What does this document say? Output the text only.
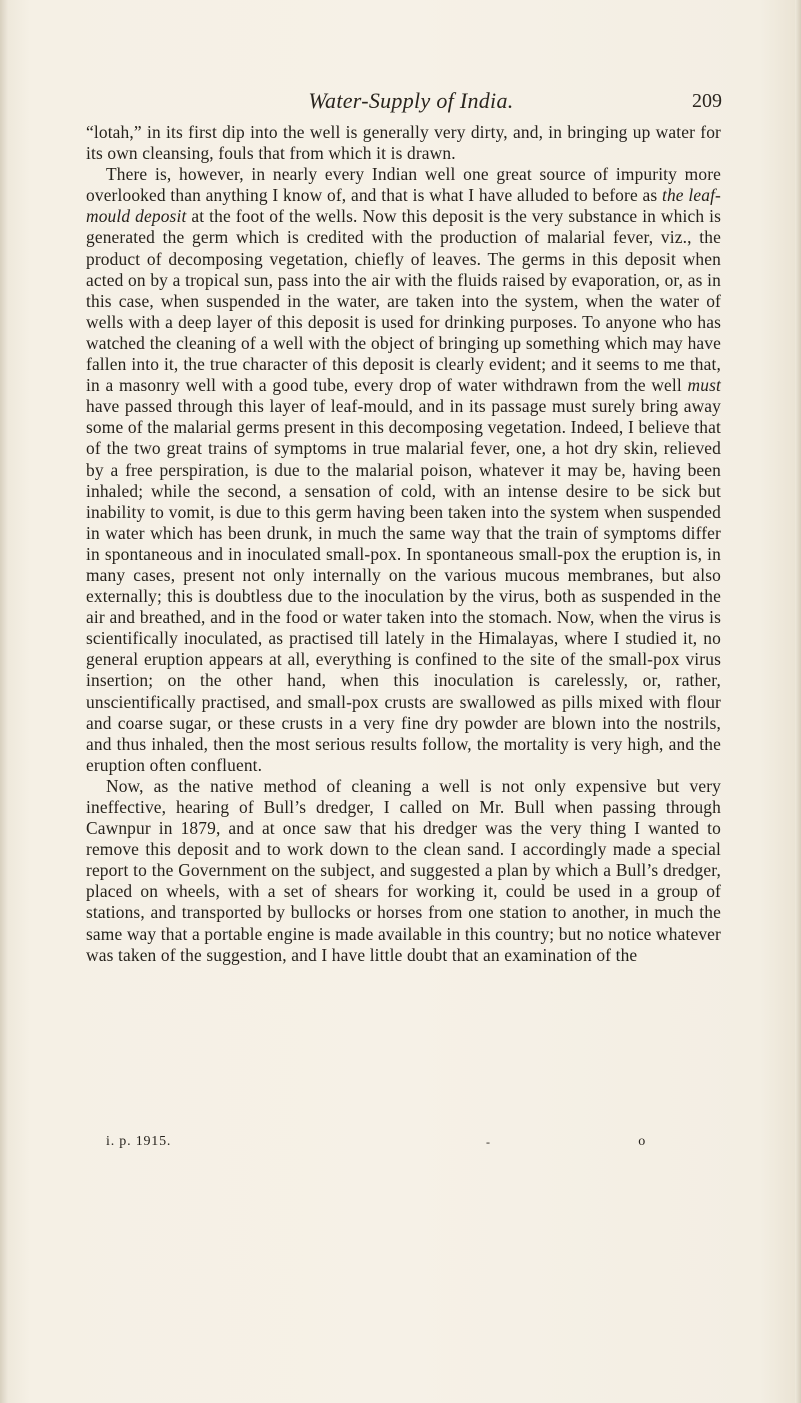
Water-Supply of India.	209

“lotah,” in its first dip into the well is generally very dirty, and, in bringing up water for its own cleansing, fouls that from which it is drawn.

There is, however, in nearly every Indian well one great source of impurity more overlooked than anything I know of, and that is what I have alluded to before as the leaf-mould deposit at the foot of the wells. Now this deposit is the very substance in which is generated the germ which is credited with the production of malarial fever, viz., the product of decomposing vegetation, chiefly of leaves. The germs in this deposit when acted on by a tropical sun, pass into the air with the fluids raised by evaporation, or, as in this case, when suspended in the water, are taken into the system, when the water of wells with a deep layer of this deposit is used for drinking purposes. To anyone who has watched the cleaning of a well with the object of bringing up something which may have fallen into it, the true character of this deposit is clearly evident; and it seems to me that, in a masonry well with a good tube, every drop of water withdrawn from the well must have passed through this layer of leaf-mould, and in its passage must surely bring away some of the malarial germs present in this decomposing vegetation. Indeed, I believe that of the two great trains of symptoms in true malarial fever, one, a hot dry skin, relieved by a free perspiration, is due to the malarial poison, whatever it may be, having been inhaled; while the second, a sensation of cold, with an intense desire to be sick but inability to vomit, is due to this germ having been taken into the system when suspended in water which has been drunk, in much the same way that the train of symptoms differ in spontaneous and in inoculated small-pox. In spontaneous small-pox the eruption is, in many cases, present not only internally on the various mucous membranes, but also externally; this is doubtless due to the inoculation by the virus, both as suspended in the air and breathed, and in the food or water taken into the stomach. Now, when the virus is scientifically inoculated, as practised till lately in the Himalayas, where I studied it, no general eruption appears at all, everything is confined to the site of the small-pox virus insertion; on the other hand, when this inoculation is carelessly, or, rather, unscientifically practised, and small-pox crusts are swallowed as pills mixed with flour and coarse sugar, or these crusts in a very fine dry powder are blown into the nostrils, and thus inhaled, then the most serious results follow, the mortality is very high, and the eruption often confluent.

Now, as the native method of cleaning a well is not only expensive but very ineffective, hearing of Bull’s dredger, I called on Mr. Bull when passing through Cawnpur in 1879, and at once saw that his dredger was the very thing I wanted to remove this deposit and to work down to the clean sand. I accordingly made a special report to the Government on the subject, and suggested a plan by which a Bull’s dredger, placed on wheels, with a set of shears for working it, could be used in a group of stations, and transported by bullocks or horses from one station to another, in much the same way that a portable engine is made available in this country; but no notice whatever was taken of the suggestion, and I have little doubt that an examination of the

i. p. 1915.	-	o
